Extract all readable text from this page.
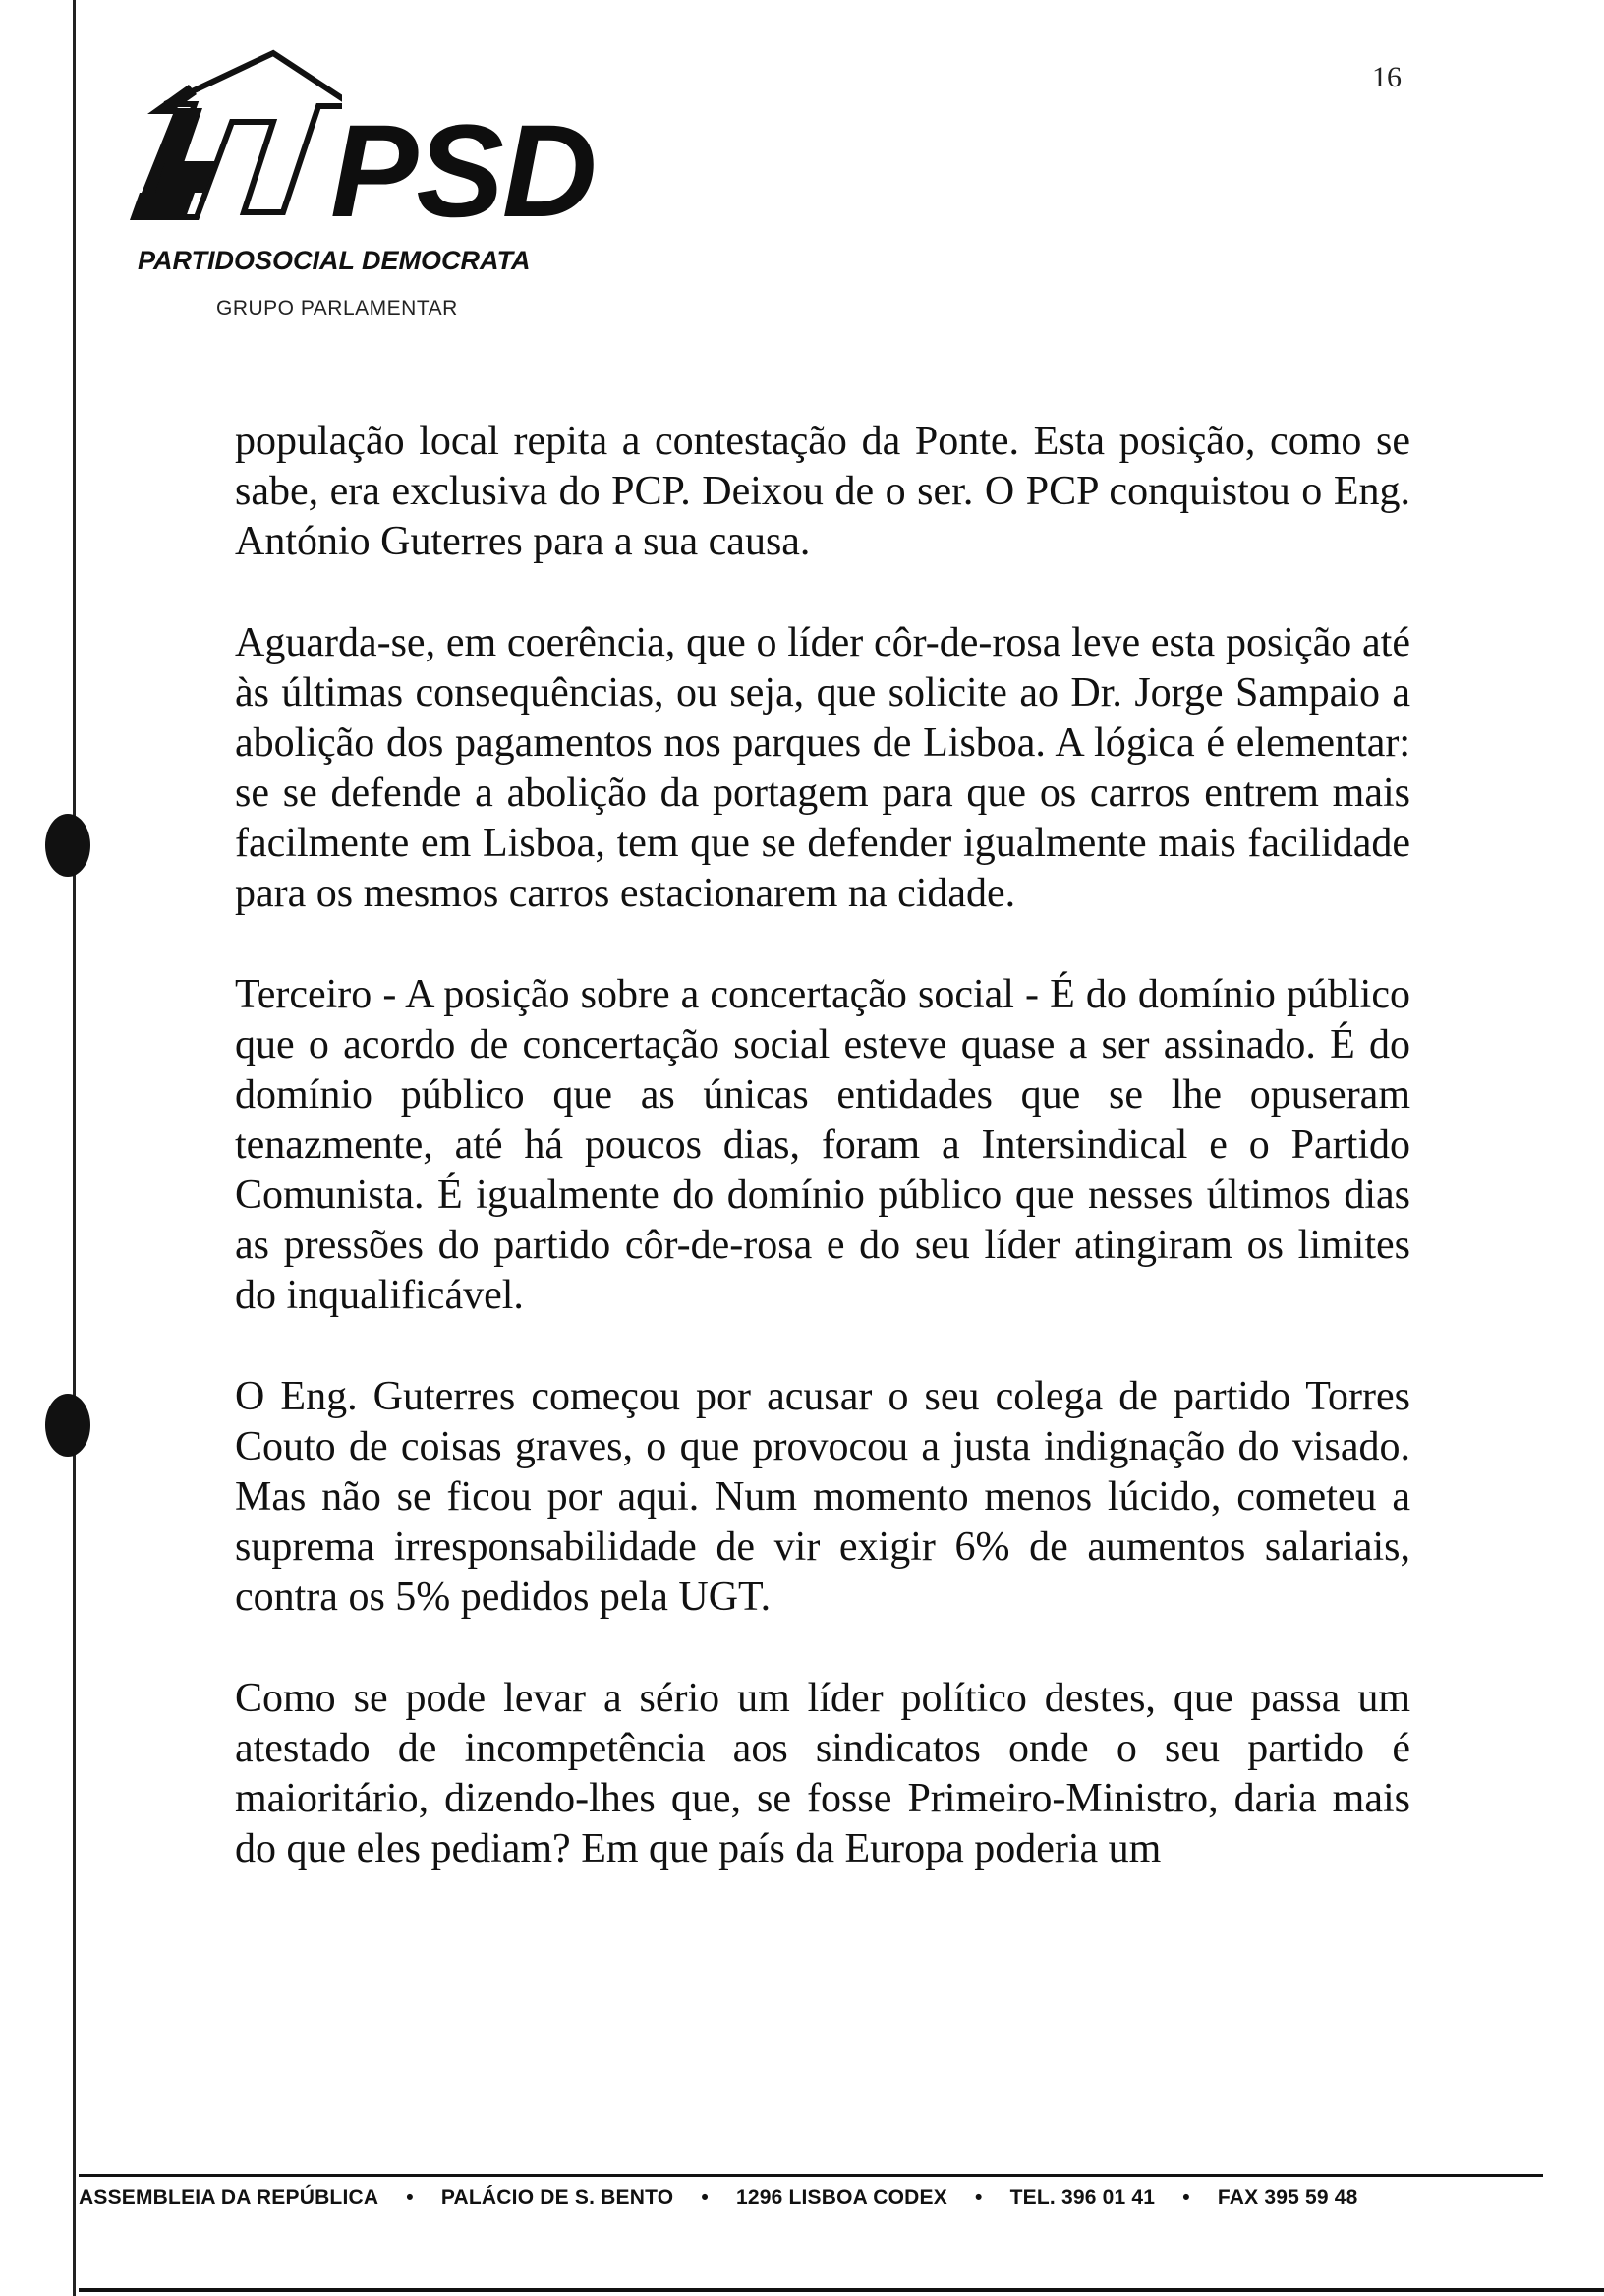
PSD
PARTIDOSOCIAL DEMOCRATA
GRUPO PARLAMENTAR
16

população local repita a contestação da Ponte. Esta posição, como se sabe, era exclusiva do PCP. Deixou de o ser. O PCP conquistou o Eng. António Guterres para a sua causa.

Aguarda-se, em coerência, que o líder côr-de-rosa leve esta posição até às últimas consequências, ou seja, que solicite ao Dr. Jorge Sampaio a abolição dos pagamentos nos parques de Lisboa. A lógica é elementar: se se defende a abolição da portagem para que os carros entrem mais facilmente em Lisboa, tem que se defender igualmente mais facilidade para os mesmos carros estacionarem na cidade.

Terceiro - A posição sobre a concertação social - É do domínio público que o acordo de concertação social esteve quase a ser assinado. É do domínio público que as únicas entidades que se lhe opuseram tenazmente, até há poucos dias, foram a Intersindical e o Partido Comunista. É igualmente do domínio público que nesses últimos dias as pressões do partido côr-de-rosa e do seu líder atingiram os limites do inqualificável.

O Eng. Guterres começou por acusar o seu colega de partido Torres Couto de coisas graves, o que provocou a justa indignação do visado. Mas não se ficou por aqui. Num momento menos lúcido, cometeu a suprema irresponsabilidade de vir exigir 6% de aumentos salariais, contra os 5% pedidos pela UGT.

Como se pode levar a sério um líder político destes, que passa um atestado de incompetência aos sindicatos onde o seu partido é maioritário, dizendo-lhes que, se fosse Primeiro-Ministro, daria mais do que eles pediam? Em que país da Europa poderia um

ASSEMBLEIA DA REPÚBLICA • PALÁCIO DE S. BENTO • 1296 LISBOA CODEX • TEL. 396 01 41 • FAX 395 59 48
